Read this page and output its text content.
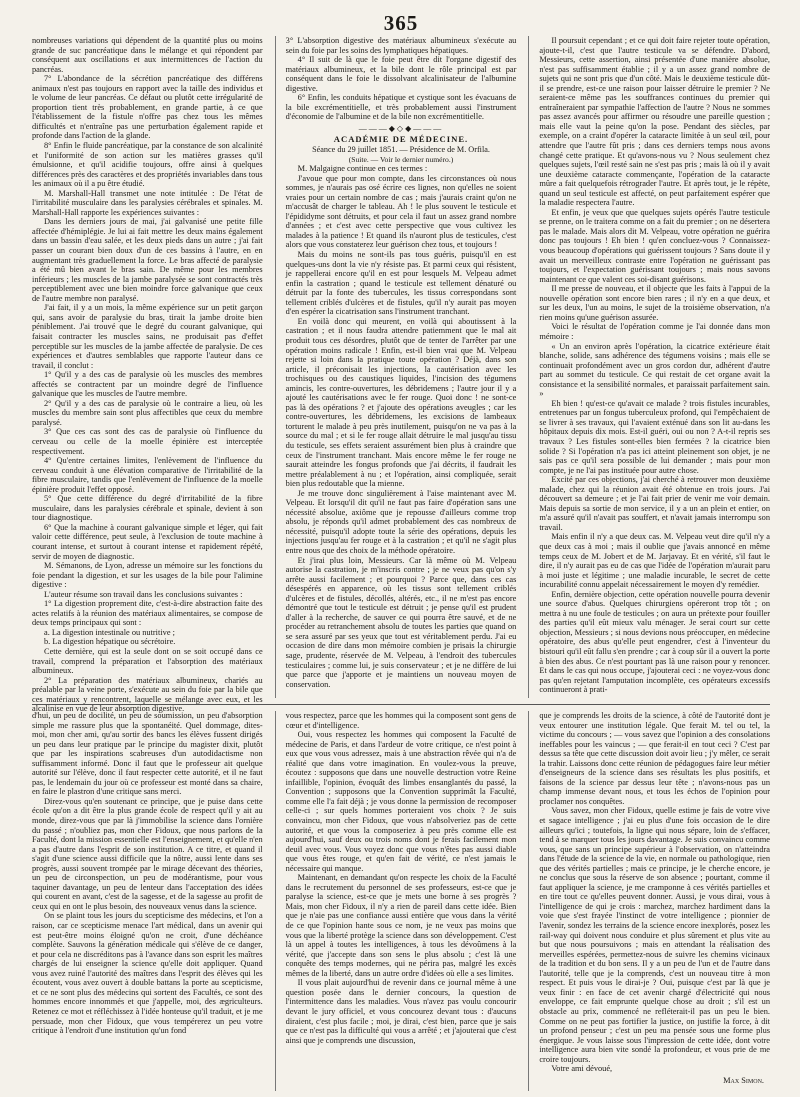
365

nombreuses variations qui dépendent de la quantité plus ou moins grande de suc pancréatique dans le mélange et qui répondent par conséquent aux oscillations et aux intermittences de l'action du pancréas.

7° L'abondance de la sécrétion pancréatique des différens animaux n'est pas toujours en rapport avec la taille des individus et le volume de leur pancréas. Ce défaut ou plutôt cette irrégularité de proportion tient très probablement, en grande partie, à ce que l'établissement de la fistule n'offre pas chez tous les mêmes difficultés et n'entraîne pas une perturbation également rapide et profonde dans l'action de la glande.

8° Enfin le fluide pancréatique, par la constance de son alcalinité et l'uniformité de son action sur les matières grasses qu'il émulsionne, et qu'il acidifie toujours, offre ainsi à quelques différences près des caractères et des propriétés invariables dans tous les animaux où il a pu être étudié.

M. Marshall-Hall transmet une note intitulée : De l'état de l'irritabilité musculaire dans les paralysies cérébrales et spinales. M. Marshall-Hall rapporte les expériences suivantes :

Dans les derniers jours de mai, j'ai galvanisé une petite fille affectée d'hémiplégie. Je lui ai fait mettre les deux mains également dans un bassin d'eau salée, et les deux pieds dans un autre ; j'ai fait passer un courant bien doux d'un de ces bassins à l'autre, en en augmentant très graduellement la force. Le bras affecté de paralysie a été mû bien avant le bras sain. De même pour les membres inférieurs ; les muscles de la jambe paralysée se sont contractés très perceptiblement avec une bien moindre force galvanique que ceux de l'autre membre non paralysé.

J'ai fait, il y a un mois, la même expérience sur un petit garçon qui, sans avoir de paralysie du bras, tirait la jambe droite bien péniblement. J'ai trouvé que le degré du courant galvanique, qui faisait contracter les muscles sains, ne produisait pas d'effet perceptible sur les muscles de la jambe affectée de paralysie. De ces expériences et d'autres semblables que rapporte l'auteur dans ce travail, il conclut :

1° Qu'il y a des cas de paralysie où les muscles des membres affectés se contractent par un moindre degré de l'influence galvanique que les muscles de l'autre membre.

2° Qu'il y a des cas de paralysie où le contraire a lieu, où les muscles du membre sain sont plus affectibles que ceux du membre paralysé.

3° Que ces cas sont des cas de paralysie où l'influence du cerveau ou celle de la moelle épinière est interceptée respectivement.

4° Qu'entre certaines limites, l'enlèvement de l'influence du cerveau conduit à une élévation comparative de l'irritabilité de la fibre musculaire, tandis que l'enlèvement de l'influence de la moelle épinière produit l'effet opposé.

5° Que cette différence du degré d'irritabilité de la fibre musculaire, dans les paralysies cérébrale et spinale, devient à son tour diagnostique.

6° Que la machine à courant galvanique simple et léger, qui fait valoir cette différence, peut seule, à l'exclusion de toute machine à courant intense, et surtout à courant intense et rapidement répété, servir de moyen de diagnostic.

M. Sémanons, de Lyon, adresse un mémoire sur les fonctions du foie pendant la digestion, et sur les usages de la bile pour l'alimine digestive :

L'auteur résume son travail dans les conclusions suivantes :

1° La digestion proprement dite, c'est-à-dire abstraction faite des actes relatifs à la réunion des matériaux alimentaires, se compose de deux temps principaux qui sont :

a. La digestion intestinale ou nutritive ;

b. La digestion hépatique ou sécrétoire.

Cette dernière, qui est la seule dont on se soit occupé dans ce travail, comprend la préparation et l'absorption des matériaux albumineux.

2° La préparation des matériaux albumineux, chariés au préalable par la veine porte, s'exécute au sein du foie par la bile que ces matériaux y rencontrent, laquelle se mélange avec eux, et les alcalinise en vue de leur absorption digestive.

3° L'absorption digestive des matériaux albumineux s'exécute au sein du foie par les soins des lymphatiques hépatiques.

4° Il suit de là que le foie peut être dit l'organe digestif des matériaux albumineux, et la bile dont le rôle principal est par conséquent dans le foie le dissolvant alcalinisateur de l'albumine digestive.

6° Enfin, les conduits hépatique et cystique sont les évacuans de la bile excrémentitielle, et très probablement aussi l'instrument d'économie de l'albumine et de la bile non excrémentitielle.

———◆◇◆———

ACADÉMIE DE MÉDECINE.

Séance du 29 juillet 1851. — Présidence de M. Orfila.

(Suite. — Voir le dernier numéro.)

M. Malgaigne continue en ces termes :

J'avoue que pour mon compte, dans les circonstances où nous sommes, je n'aurais pas osé écrire ces lignes, non qu'elles ne soient vraies pour un certain nombre de cas ; mais j'aurais craint qu'on ne m'accusât de charger le tableau. Ah ! le plus souvent le testicule et l'épididyme sont détruits, et pour cela il faut un assez grand nombre d'années ; et c'est avec cette perspective que vous cultivez les malades à la patience ! Et quand ils n'auront plus de testicules, c'est alors que vous constaterez leur guérison chez tous, et toujours !

Mais du moins ne sont-ils pas tous guéris, puisqu'il en est quelques-uns dont la vie n'y résiste pas. Et parmi ceux qui résistent, je rappellerai encore qu'il en est pour lesquels M. Velpeau admet enfin la castration ; quand le testicule est tellement dénaturé ou détruit par la fonte des tubercules, les tissus correspondans sont tellement criblés d'ulcères et de fistules, qu'il n'y aurait pas moyen d'en espérer la cicatrisation sans l'instrument tranchant.

En voilà donc qui meurent, en voilà qui aboutissent à la castration ; et il nous faudra attendre patiemment que le mal ait produit tous ces désordres, plutôt que de tenter de l'arrêter par une opération moins radicale ! Enfin, est-il bien vrai que M. Velpeau rejette si loin dans la pratique toute opération ? Déjà, dans son article, il préconisait les injections, la cautérisation avec les trochisques ou des caustiques liquides, l'incision des tégumens amincis, les contre-ouvertures, les débridemens ; l'autre jour il y a ajouté les cautérisations avec le fer rouge. Quoi donc ! ne sont-ce pas là des opérations ? et j'ajoute des opérations aveugles ; car les contre-ouvertures, les débridemens, les excisions de lambeaux torturent le malade à peu près inutilement, puisqu'on ne va pas à la source du mal ; et si le fer rouge allait détruire le mal jusqu'au tissu du testicule, ses effets seraient assurément bien plus à craindre que ceux de l'instrument tranchant. Mais encore même le fer rouge ne saurait atteindre les fongus profonds que j'ai décrits, il faudrait les mettre préalablement à nu ; et l'opération, ainsi compliquée, serait bien plus redoutable que la mienne.

Je me trouve donc singulièrement à l'aise maintenant avec M. Velpeau. Et lorsqu'il dit qu'il ne faut pas faire d'opération sans une nécessité absolue, axiôme que je repousse d'ailleurs comme trop absolu, je réponds qu'il admet probablement des cas nombreux de nécessité, puisqu'il adopte toute la série des opérations, depuis les injections jusqu'au fer rouge et à la castration ; et qu'il ne s'agit plus entre nous que des choix de la méthode opératoire.

Et j'irai plus loin, Messieurs. Car là même où M. Velpeau autorise la castration, je m'inscris contre ; je ne veux pas qu'on s'y arrête aussi facilement ; et pourquoi ? Parce que, dans ces cas désespérés en apparence, où les tissus sont tellement criblés d'ulcères et de fistules, décollés, altérés, etc., il ne m'est pas encore démontré que tout le testicule est détruit ; je pense qu'il est prudent d'aller à la recherche, de sauver ce qui pourra être sauvé, et de ne procéder au retranchement absolu de toutes les parties que quand on se sera assuré par ses yeux que tout est véritablement perdu. J'ai eu occasion de dire dans mon mémoire combien je prisais la chirurgie sage, prudente, réservée de M. Velpeau, à l'endroit des tubercules testiculaires ; comme lui, je suis conservateur ; et je ne diffère de lui que parce que j'apporte et je maintiens un nouveau moyen de conservation.

Il poursuit cependant ; et ce qui doit faire rejeter toute opération, ajoute-t-il, c'est que l'autre testicule va se défendre. D'abord, Messieurs, cette assertion, ainsi présentée d'une manière absolue, n'est pas suffisamment établie ; il y a un assez grand nombre de sujets qui ne sont pris que d'un côté. Mais le deuxième testicule dût-il se prendre, est-ce une raison pour laisser détruire le premier ? Ne seraient-ce même pas les souffrances continues du premier qui entraîneraient par sympathie l'affection de l'autre ? Nous ne sommes pas assez avancés pour affirmer ou résoudre une pareille question ; mais elle vaut la peine qu'on la pose. Pendant des siècles, par exemple, on a craint d'opérer la cataracte limitée à un seul œil, pour attendre que l'autre fût pris ; dans ces derniers temps nous avons changé cette pratique. Et qu'avons-nous vu ? Nous seulement chez quelques sujets, l'œil resté sain ne s'est pas pris ; mais là où il y avait une deuxième cataracte commençante, l'opération de la cataracte mûre a fait quelquefois rétrograder l'autre. Et après tout, je le répète, quand un seul testicule est affecté, on peut parfaitement espérer que la maladie respectera l'autre.

Et enfin, je veux que que quelques sujets opérés l'autre testicule se prenne, on le traitera comme on a fait du premier ; on ne désertera pas le malade. Mais alors dit M. Velpeau, votre opération ne guérira donc pas toujours ! Eh bien ! qu'en concluez-vous ? Connaissez-vous beaucoup d'opérations qui guérissent toujours ? Sans doute il y avait un merveilleux contraste entre l'opération ne guérissant pas toujours, et l'expectation guérissant toujours ; mais nous savons maintenant ce que valent ces soi-disant guérisons.

Il me presse de nouveau, et il objecte que les faits à l'appui de la nouvelle opération sont encore bien rares ; il n'y en a que deux, et sur les deux, l'un au moins, le sujet de la troisième observation, n'a rien moins qu'une guérison assurée.

Voici le résultat de l'opération comme je l'ai donnée dans mon mémoire :

« Un an environ après l'opération, la cicatrice extérieure était blanche, solide, sans adhérence des tégumens voisins ; mais elle se continuait profondément avec un gros cordon dur, adhérent d'autre part au sommet du testicule. Ce qui restait de cet organe avait la consistance et la sensibilité normales, et paraissait parfaitement sain. »

Eh bien ! qu'est-ce qu'avait ce malade ? trois fistules incurables, entretenues par un fongus tuberculeux profond, qui l'empêchaient de se livrer à ses travaux, qui l'avaient exténué dans son lit au-dans les hôpitaux depuis dix mois. Est-il guéri, oui ou non ? A-t-il repris ses travaux ? Les fistules sont-elles bien fermées ? la cicatrice bien solide ? Si l'opération n'a pas ici atteint pleinement son objet, je ne sais pas ce qu'il sera possible de lui demander ; mais pour mon compte, je ne l'ai pas instituée pour autre chose.

Excité par ces objections, j'ai cherché à retrouver mon deuxième malade, chez qui la réunion avait été obtenue en trois jours. J'ai découvert sa demeure ; et je l'ai fait prier de venir me voir demain. Mais depuis sa sortie de mon service, il y a un an plein et entier, on m'a assuré qu'il n'avait pas souffert, et n'avait jamais interrompu son travail.

Mais enfin il n'y a que deux cas. M. Velpeau veut dire qu'il n'y a que deux cas à moi ; mais il oublie que j'avais annoncé en même temps ceux de M. Jobert et de M. Jarjavay. Et en vérité, s'il faut le dire, il n'y aurait pas eu de cas que l'idée de l'opération m'aurait paru à moi juste et légitime ; une maladie incurable, le secret de cette incurabilité connu appelait nécessairement le moyen d'y remédier.

Enfin, dernière objection, cette opération nouvelle pourra devenir une source d'abus. Quelques chirurgiens opéreront trop tôt ; on mettra à nu une foule de testicules ; on aura un prétexte pour fouiller des parties qu'il eût mieux valu ménager. Je serai court sur cette objection, Messieurs ; si nous devions nous préoccuper, en médecine opératoire, des abus qu'elle peut engendrer, c'est à l'inventeur du bistouri qu'il eût fallu s'en prendre ; car à coup sûr il a ouvert la porte à bien des abus. Ce n'est pourtant pas là une raison pour y renoncer. Et dans le cas qui nous occupe, j'ajouterai ceci : ne voyez-vous donc pas qu'en rejetant l'amputation incomplète, ces opérateurs excessifs continueront à prati-

d'hui, un peu de docilité, un peu de soumission, un peu d'absorption simple me rassure plus que la spontanéité. Quel dommage, dites-moi, mon cher ami, qu'au sortir des bancs les élèves fussent dirigés un peu dans leur pratique par le principe du magister dixit, plutôt que par les inspirations scabreuses d'un autodidactisme non suffisamment informé. Donc il faut que le professeur ait quelque autorité sur l'élève, donc il faut respecter cette autorité, et il ne faut pas, le lendemain du jour où ce professeur est monté dans sa chaire, en faire le plastron d'une critique sans merci.

Direz-vous qu'en soutenant ce principe, que je puise dans cette école qu'on a dit être la plus grande école de respect qu'il y ait au monde, direz-vous que par là j'immobilise la science dans l'ornière du passé ; n'oubliez pas, mon cher Fidoux, que nous parlons de la Faculté, dont la mission essentielle est l'enseignement, et qu'elle n'en a pas d'autre dans l'esprit de son institution. A ce titre, et quand il s'agit d'une science aussi difficile que la nôtre, aussi lente dans ses progrès, aussi souvent trompée par le mirage décevant des théories, un peu de circonspection, un peu de modérantisme, pour vous taquiner davantage, un peu de lenteur dans l'acceptation des idées qui courent en avant, c'est de la sagesse, et de la sagesse au profit de ceux qui en ont le plus besoin, des nouveaux venus dans la science.

On se plaint tous les jours du scepticisme des médecins, et l'on a raison, car ce scepticisme menace l'art médical, dans un avenir qui est peut-être moins éloigné qu'on ne croit, d'une déchéance complète. Sauvons la génération médicale qui s'élève de ce danger, et pour cela ne discréditons pas à l'avance dans son esprit les maîtres chargés de lui enseigner la science qu'elle doit appliquer. Quand vous avez ruiné l'autorité des maîtres dans l'esprit des élèves qui les écoutent, vous avez ouvert à double battans la porte au scepticisme, et ce ne sont plus des médecins qui sortent des Facultés, ce sont des hommes encore innommés et que j'appelle, moi, des ægriculteurs. Retenez ce mot et réfléchissez à l'idée honteuse qu'il traduit, et je me persuade, mon cher Fidoux, que vous tempérerez un peu votre critique à l'endroit d'une institution qu'un fond

vous respectez, parce que les hommes qui la composent sont gens de cœur et d'intelligence.

Oui, vous respectez les hommes qui composent la Faculté de médecine de Paris, et dans l'ardeur de votre critique, ce n'est point à eux que vous vous adressez, mais à une abstraction rêvée qui n'a de réalité que dans votre imagination. En voulez-vous la preuve, écoutez : supposons que dans une nouvelle destruction votre Reine infaillible, l'opinion, évoquât des limbes ensanglantés du passé, la Convention ; supposons que la Convention supprimât la Faculté, comme elle l'a fait déjà ; je vous donne la permission de recomposer celle-ci ; sur quels hommes porteraient vos choix ? Je suis convaincu, mon cher Fidoux, que vous n'absolveriez pas de cette autorité, et que vous la composeriez à peu près comme elle est aujourd'hui, sauf deux ou trois noms dont je ferais facilement mon deuil avec vous. Vous voyez donc que vous n'êtes pas aussi diable que vous êtes rouge, et qu'en fait de vérité, ce n'est jamais le nécessaire qui manque.

Maintenant, en demandant qu'on respecte les choix de la Faculté dans le recrutement du personnel de ses professeurs, est-ce que je paralyse la science, est-ce que je mets une borne à ses progrès ? Mais, mon cher Fidoux, il n'y a rien de pareil dans cette idée. Bien que je n'aie pas une confiance aussi entière que vous dans la vérité de ce que l'opinion hante sous ce nom, je ne veux pas moins que vous que la liberté protège la science dans son développement. C'est là un appel à toutes les intelligences, à tous les dévoûmens à la vérité, que j'accepte dans son sens le plus absolu ; c'est là une conquête des temps modernes, qui ne périra pas, malgré les excès mêmes de la liberté, dans un autre ordre d'idées où elle a ses limites.

Il vous plait aujourd'hui de revenir dans ce journal même à une question posée dans le dernier concours, la question de l'intermittence dans les maladies. Vous n'avez pas voulu concourir devant le jury officiel, et vous concourez devant tous : d'aucuns diraient, c'est plus facile ; moi, je dirai, c'est bien, parce que je sais que ce n'est pas la difficulté qui vous a arrêté ; et j'ajouterai que c'est ainsi que je comprends une discussion,

que je comprends les droits de la science, à côté de l'autorité dont je veux entourer une institution légale. Que ferait M. tel ou tel, la victime du concours ; — vous savez que l'opinion a des consolations ineffables pour les vaincus ; — que ferait-il en tout ceci ? C'est par dessus sa tête que cette discussion doit avoir lieu ; j'y mêler, ce serait la trahir. Laissons donc cette réunion de pédagogues faire leur métier d'enseigneurs de la science dans ses résultats les plus positifs, et faisons de la science par dessus leur tête ; n'avons-nous pas un champ immense devant nous, et tous les échos de l'opinion pour proclamer nos conquêtes.

Vous savez, mon cher Fidoux, quelle estime je fais de votre vive et sagace intelligence ; j'ai eu plus d'une fois occasion de le dire ailleurs qu'ici ; toutefois, la ligne qui nous sépare, loin de s'effacer, tend à se marquer tous les jours davantage. Je suis convaincu comme vous, que sans un principe supérieur à l'observation, on n'atteindra dans l'étude de la science de la vie, en normale ou pathologique, rien que des vérités partielles ; mais ce principe, je le cherche encore, je ne conclus que sous la réserve de son absence ; pourtant, comme il faut appliquer la science, je me cramponne à ces vérités partielles et en tire tout ce qu'elles peuvent donner. Aussi, je vous dirai, vous à l'intelligence de qui je crois : marchez, marchez hardiment dans la voie que s'est frayée l'instinct de votre intelligence ; pionnier de l'avenir, sondez les terrains de la science encore inexplorés, posez les rail-way qui doivent nous conduire et plus sûrement et plus vite au but que nous poursuivons ; mais en attendant la réalisation des merveilles espérées, permettez-nous de suivre les chemins vicinaux de la tradition et du bon sens. Il y a un peu de l'un et de l'autre dans l'autorité, telle que je la comprends, c'est un nouveau titre à mon respect. Et puis vous le dirai-je ? Oui, puisque c'est par là que je veux finir : en face de cet avenir chargé d'électricité qui nous enveloppe, ce fait emprunte quelque chose au droit ; s'il est un obstacle au prix, commencé ne refléterait-il pas un peu le bien. Comme on ne peut pas fortifier la justice, on justifie la force, à dit un profond penseur ; c'est un peu ma pensée sous une forme plus énergique. Je vous laisse sous l'impression de cette idée, dont votre intelligence aura bien vite sondé la profondeur, et vous prie de me croire toujours.

Votre ami dévoué,

Max Simon.
